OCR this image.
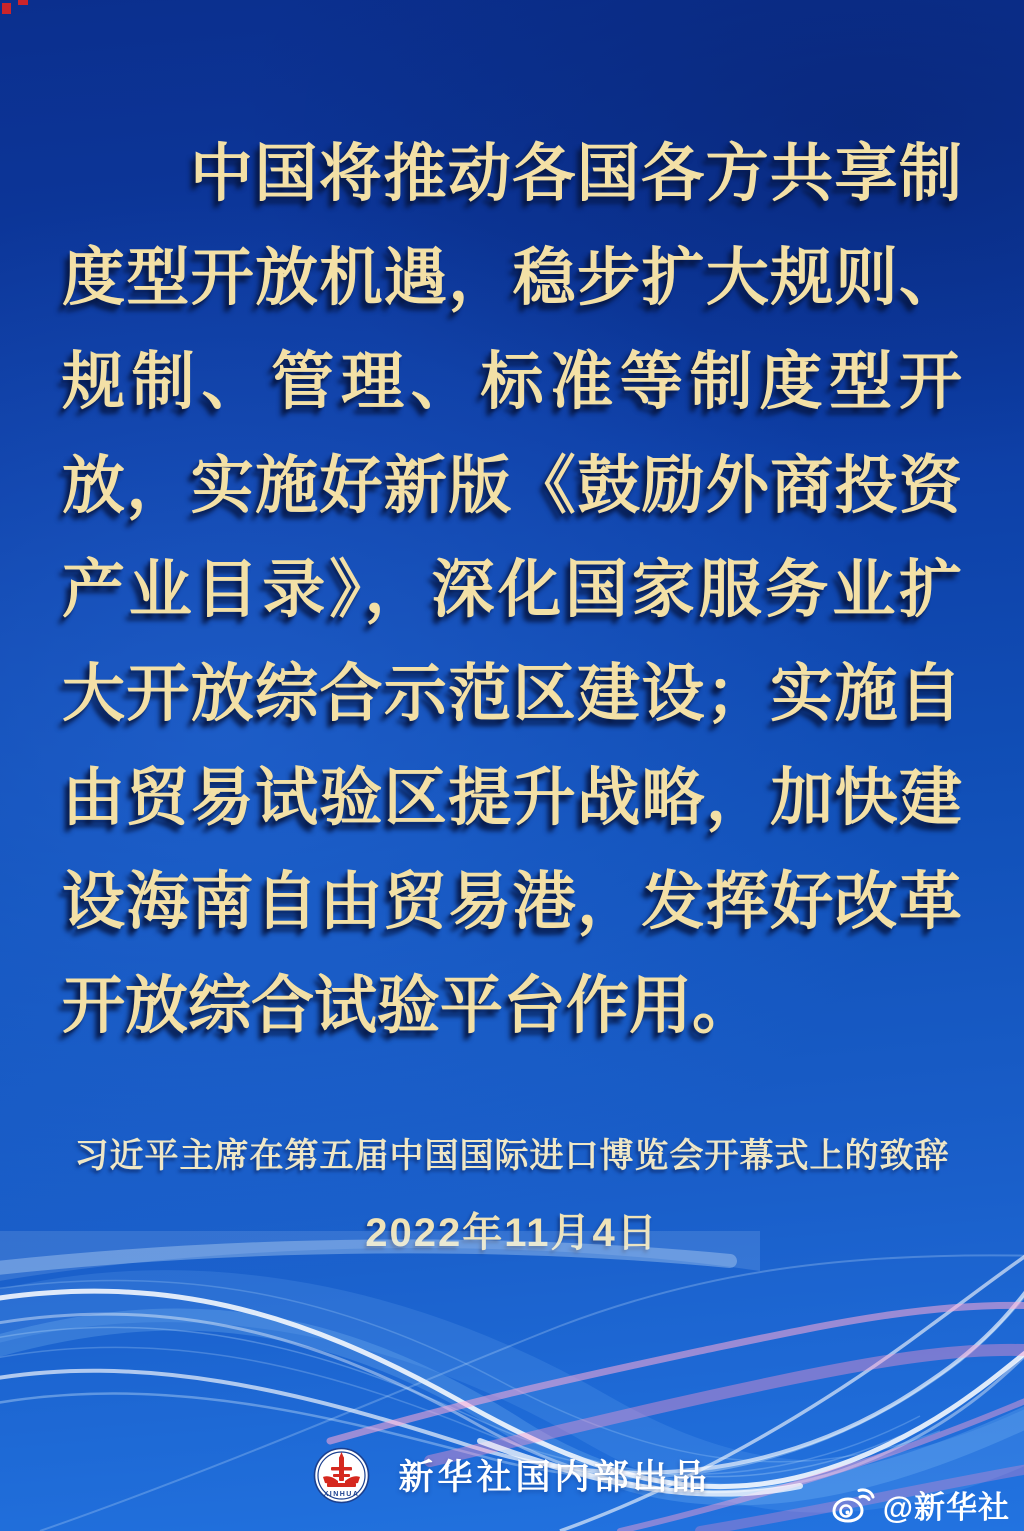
中国将推动各国各方共享制
度型开放机遇，稳步扩大规则、
规制、管理、标准等制度型开
放，实施好新版《鼓励外商投资
产业目录》，深化国家服务业扩
大开放综合示范区建设；实施自
由贸易试验区提升战略，加快建
设海南自由贸易港，发挥好改革
开放综合试验平台作用。
习近平主席在第五届中国国际进口博览会开幕式上的致辞
XINHUA 新华社国内部出品
@新华社
